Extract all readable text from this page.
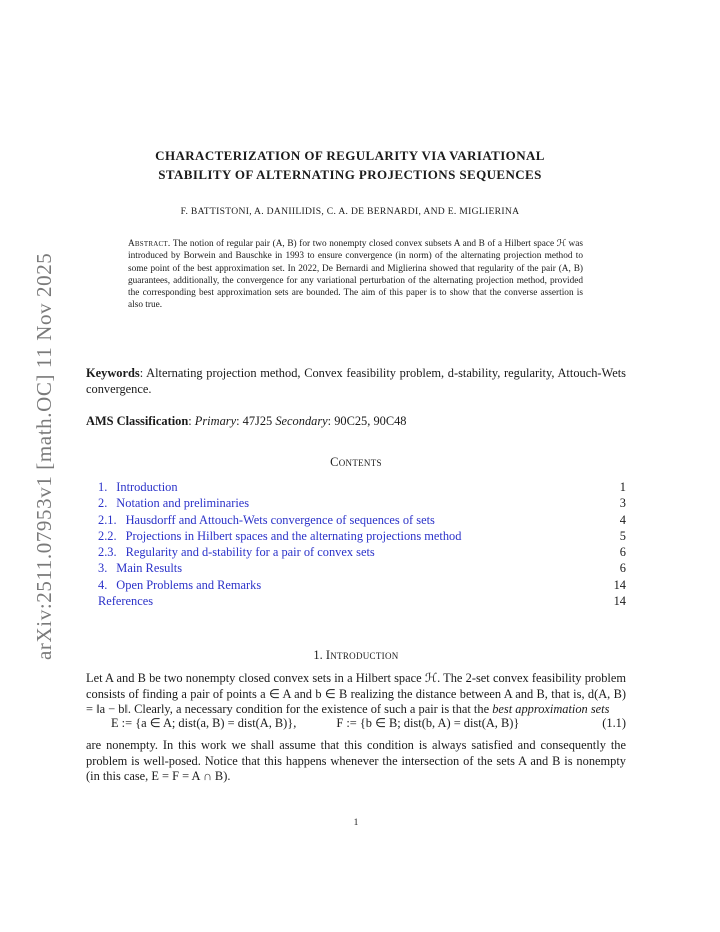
arXiv:2511.07953v1 [math.OC] 11 Nov 2025
CHARACTERIZATION OF REGULARITY VIA VARIATIONAL
STABILITY OF ALTERNATING PROJECTIONS SEQUENCES
F. BATTISTONI, A. DANIILIDIS, C. A. DE BERNARDI, AND E. MIGLIERINA
Abstract. The notion of regular pair (A, B) for two nonempty closed convex subsets A and B of a Hilbert space ℋ was introduced by Borwein and Bauschke in 1993 to ensure convergence (in norm) of the alternating projection method to some point of the best approximation set. In 2022, De Bernardi and Miglierina showed that regularity of the pair (A, B) guarantees, additionally, the convergence for any variational perturbation of the alternating projection method, provided the corresponding best approximation sets are bounded. The aim of this paper is to show that the converse assertion is also true.
Keywords: Alternating projection method, Convex feasibility problem, d-stability, regularity, Attouch-Wets convergence.
AMS Classification: Primary: 47J25 Secondary: 90C25, 90C48
Contents
1. Introduction	1
2. Notation and preliminaries	3
2.1. Hausdorff and Attouch-Wets convergence of sequences of sets	4
2.2. Projections in Hilbert spaces and the alternating projections method	5
2.3. Regularity and d-stability for a pair of convex sets	6
3. Main Results	6
4. Open Problems and Remarks	14
References	14
1. Introduction
Let A and B be two nonempty closed convex sets in a Hilbert space ℋ. The 2-set convex feasibility problem consists of finding a pair of points a ∈ A and b ∈ B realizing the distance between A and B, that is, d(A, B) = ‖a − b‖. Clearly, a necessary condition for the existence of such a pair is that the best approximation sets
E := {a ∈ A; dist(a, B) = dist(A, B)},	F := {b ∈ B; dist(b, A) = dist(A, B)}	(1.1)
are nonempty. In this work we shall assume that this condition is always satisfied and consequently the problem is well-posed. Notice that this happens whenever the intersection of the sets A and B is nonempty (in this case, E = F = A ∩ B).
1
